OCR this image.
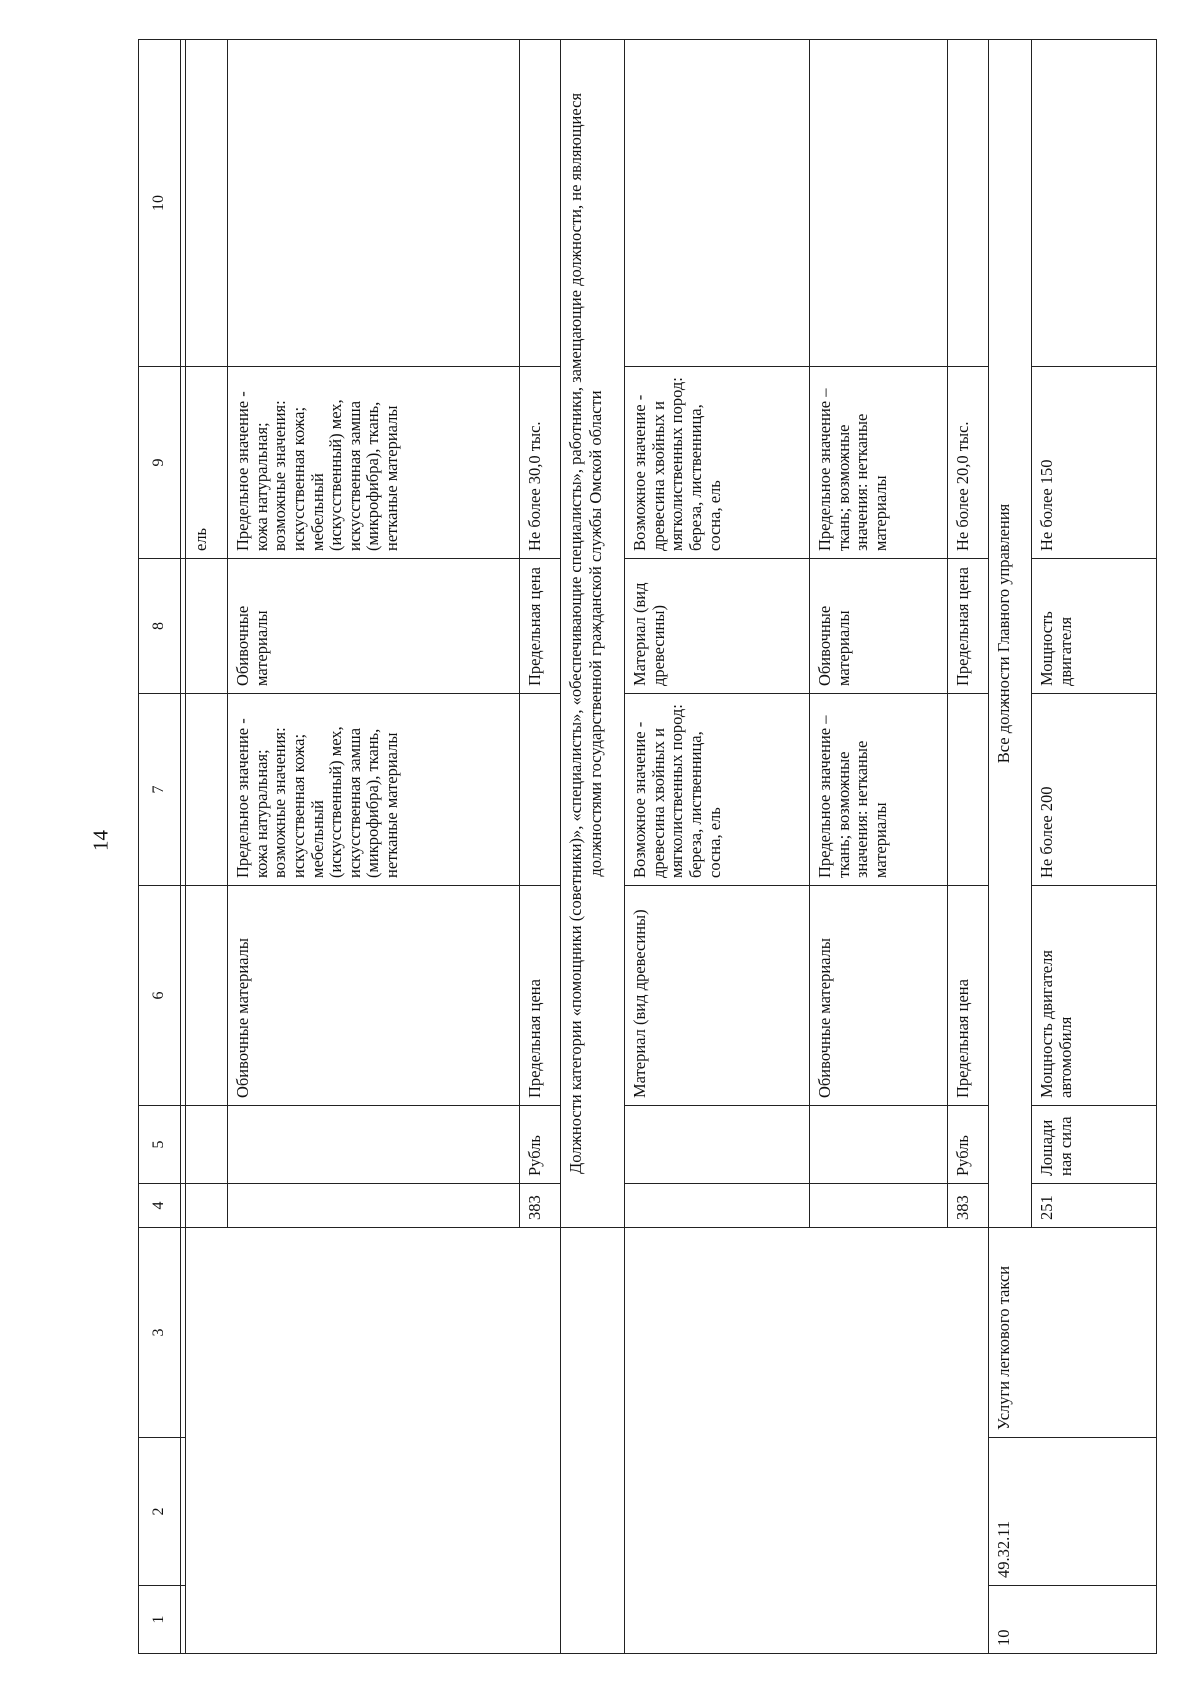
14
1	2	3	4	5	6	7	8	9	10

								ель	
					Обивочные материалы	Предельное значение - кожа натуральная; возможные значения: искусственная кожа; мебельный (искусственный) мех, искусственная замша (микрофибра), ткань, нетканые материалы	Обивочные материалы	Предельное значение - кожа натуральная; возможные значения: искусственная кожа; мебельный (искусственный) мех, искусственная замша (микрофибра), ткань, нетканые материалы	
			383	Рубль	Предельная цена		Предельная цена	Не более 30,0 тыс.	
			Должности категории «помощники (советники)», «специалисты», «обеспечивающие специалисты», работники, замещающие должности, не являющиеся должностями государственной гражданской службы Омской области						
					Материал (вид древесины)	Возможное значение - древесина хвойных и мягколиственных пород: береза, лиственница, сосна, ель	Материал (вид древесины)	Возможное значение - древесина хвойных и мягколиственных пород: береза, лиственница, сосна, ель	
					Обивочные материалы	Предельное значение – ткань; возможные значения: нетканые материалы	Обивочные материалы	Предельное значение – ткань; возможные значения: нетканые материалы	
			383	Рубль	Предельная цена		Предельная цена	Не более 20,0 тыс.	
10	49.32.11	Услуги легкового такси	Все должности Главного управления						
			251	Лошадиная сила	Мощность двигателя автомобиля	Не более 200	Мощность двигателя	Не более 150	
